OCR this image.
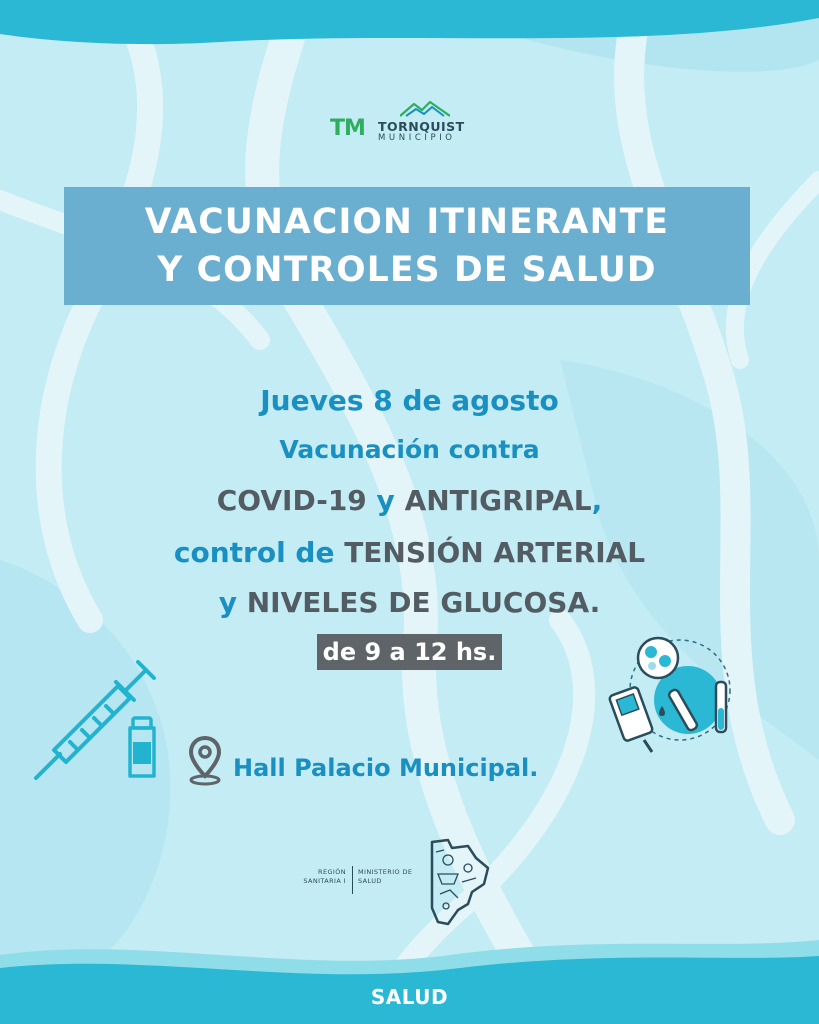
TM TORNQUIST
MUNICIPIO
VACUNACION ITINERANTE
Y CONTROLES DE SALUD
Jueves 8 de agosto
Vacunación contra
COVID-19 y ANTIGRIPAL,
control de TENSIÓN ARTERIAL
y NIVELES DE GLUCOSA.
de 9 a 12 hs.
Hall Palacio Municipal.
REGIÓN
SANITARIA I
MINISTERIO DE
SALUD
SALUD
